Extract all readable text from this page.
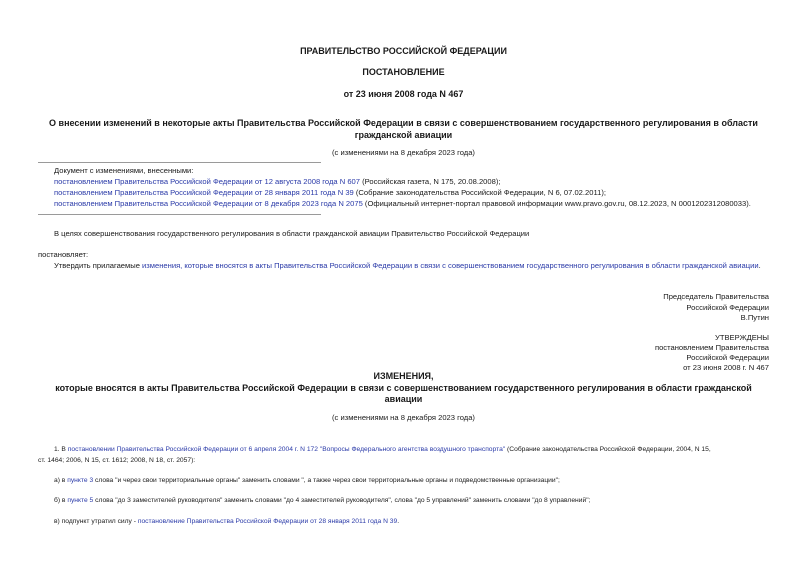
ПРАВИТЕЛЬСТВО РОССИЙСКОЙ ФЕДЕРАЦИИ
ПОСТАНОВЛЕНИЕ
от 23 июня 2008 года N 467
О внесении изменений в некоторые акты Правительства Российской Федерации в связи с совершенствованием государственного регулирования в области
гражданской авиации
(с изменениями на 8 декабря 2023 года)
Документ с изменениями, внесенными:
постановлением Правительства Российской Федерации от 12 августа 2008 года N 607 (Российская газета, N 175, 20.08.2008);
постановлением Правительства Российской Федерации от 28 января 2011 года N 39 (Собрание законодательства Российской Федерации, N 6, 07.02.2011);
постановлением Правительства Российской Федерации от 8 декабря 2023 года N 2075 (Официальный интернет-портал правовой информации www.pravo.gov.ru, 08.12.2023, N 0001202312080033).
В целях совершенствования государственного регулирования в области гражданской авиации Правительство Российской Федерации
постановляет:
Утвердить прилагаемые изменения, которые вносятся в акты Правительства Российской Федерации в связи с совершенствованием государственного регулирования в области гражданской авиации.
Председатель Правительства
Российской Федерации
В.Путин
УТВЕРЖДЕНЫ
постановлением Правительства
Российской Федерации
от 23 июня 2008 г. N 467
ИЗМЕНЕНИЯ,
которые вносятся в акты Правительства Российской Федерации в связи с совершенствованием государственного регулирования в области гражданской
авиации
(с изменениями на 8 декабря 2023 года)
1. В постановлении Правительства Российской Федерации от 6 апреля 2004 г. N 172 "Вопросы Федерального агентства воздушного транспорта" (Собрание законодательства Российской Федерации, 2004, N 15,
ст. 1464; 2006, N 15, ст. 1612; 2008, N 18, ст. 2057):
а) в пункте 3 слова "и через свои территориальные органы" заменить словами ", а также через свои территориальные органы и подведомственные организации";
б) в пункте 5 слова "до 3 заместителей руководителя" заменить словами "до 4 заместителей руководителя", слова "до 5 управлений" заменить словами "до 8 управлений";
в) подпункт утратил силу - постановление Правительства Российской Федерации от 28 января 2011 года N 39.
